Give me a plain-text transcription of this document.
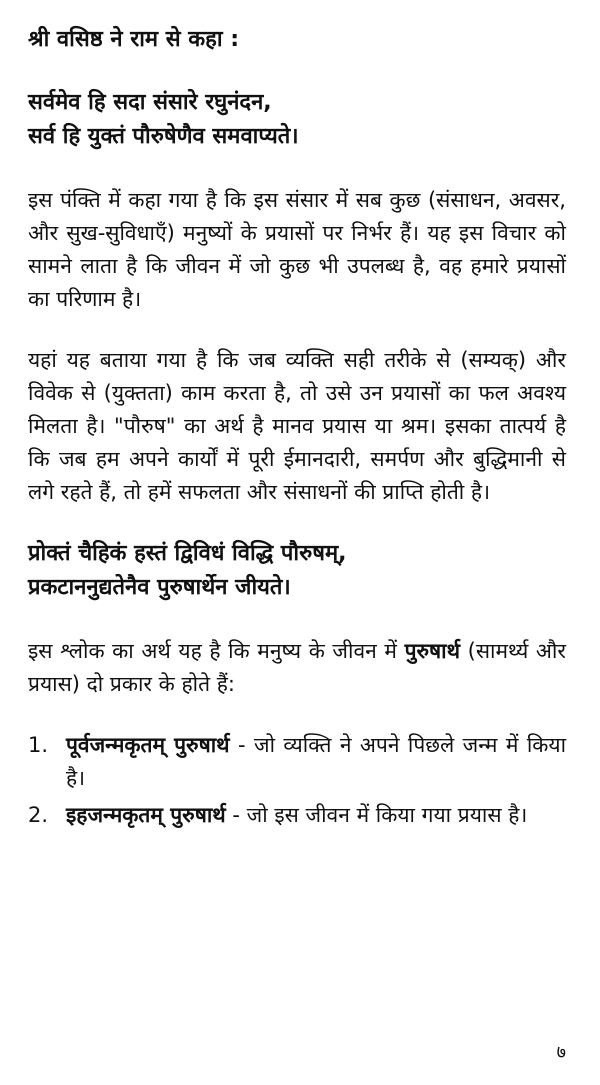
श्री वसिष्ठ ने राम से कहा :
सर्वमेव हि सदा संसारे रघुनंदन,
सर्व हि युक्तं पौरुषेणैव समवाप्यते।

इस पंक्ति में कहा गया है कि इस संसार में सब कुछ (संसाधन, अवसर, और सुख-सुविधाएँ) मनुष्यों के प्रयासों पर निर्भर हैं। यह इस विचार को सामने लाता है कि जीवन में जो कुछ भी उपलब्ध है, वह हमारे प्रयासों का परिणाम है।

यहां यह बताया गया है कि जब व्यक्ति सही तरीके से (सम्यक्) और विवेक से (युक्तता) काम करता है, तो उसे उन प्रयासों का फल अवश्य मिलता है। "पौरुष" का अर्थ है मानव प्रयास या श्रम। इसका तात्पर्य है कि जब हम अपने कार्यों में पूरी ईमानदारी, समर्पण और बुद्धिमानी से लगे रहते हैं, तो हमें सफलता और संसाधनों की प्राप्ति होती है।

प्रोक्तं चैहिकं हस्तं द्विविधं विद्धि पौरुषम्,
प्रकटाननुद्यतेनैव पुरुषार्थेन जीयते।

इस श्लोक का अर्थ यह है कि मनुष्य के जीवन में पुरुषार्थ (सामर्थ्य और प्रयास) दो प्रकार के होते हैं:

1. पूर्वजन्मकृतम् पुरुषार्थ - जो व्यक्ति ने अपने पिछले जन्म में किया है।
2. इहजन्मकृतम् पुरुषार्थ - जो इस जीवन में किया गया प्रयास है।
७
